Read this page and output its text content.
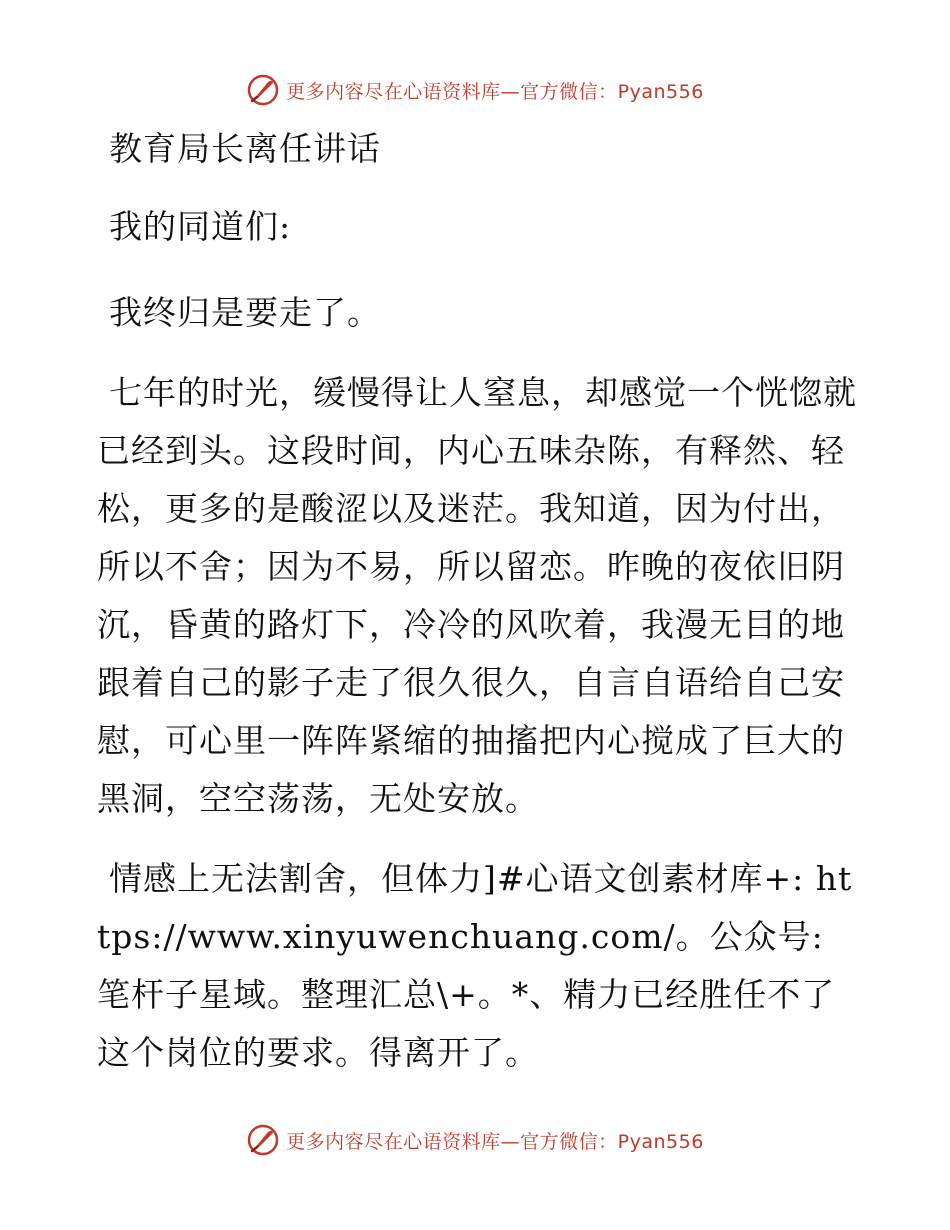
更多内容尽在心语资料库—官方微信：Pyan556

教育局长离任讲话

我的同道们:

我终归是要走了。

七年的时光，缓慢得让人窒息，却感觉一个恍惚就已经到头。这段时间，内心五味杂陈，有释然、轻松，更多的是酸涩以及迷茫。我知道，因为付出，所以不舍；因为不易，所以留恋。昨晚的夜依旧阴沉，昏黄的路灯下，冷冷的风吹着，我漫无目的地跟着自己的影子走了很久很久，自言自语给自己安慰，可心里一阵阵紧缩的抽搐把内心搅成了巨大的黑洞，空空荡荡，无处安放。

情感上无法割舍，但体力]#心语文创素材库+: https://www.xinyuwenchuang.com/。公众号: 笔杆子星域。整理汇总\+。*、精力已经胜任不了这个岗位的要求。得离开了。

更多内容尽在心语资料库—官方微信：Pyan556
